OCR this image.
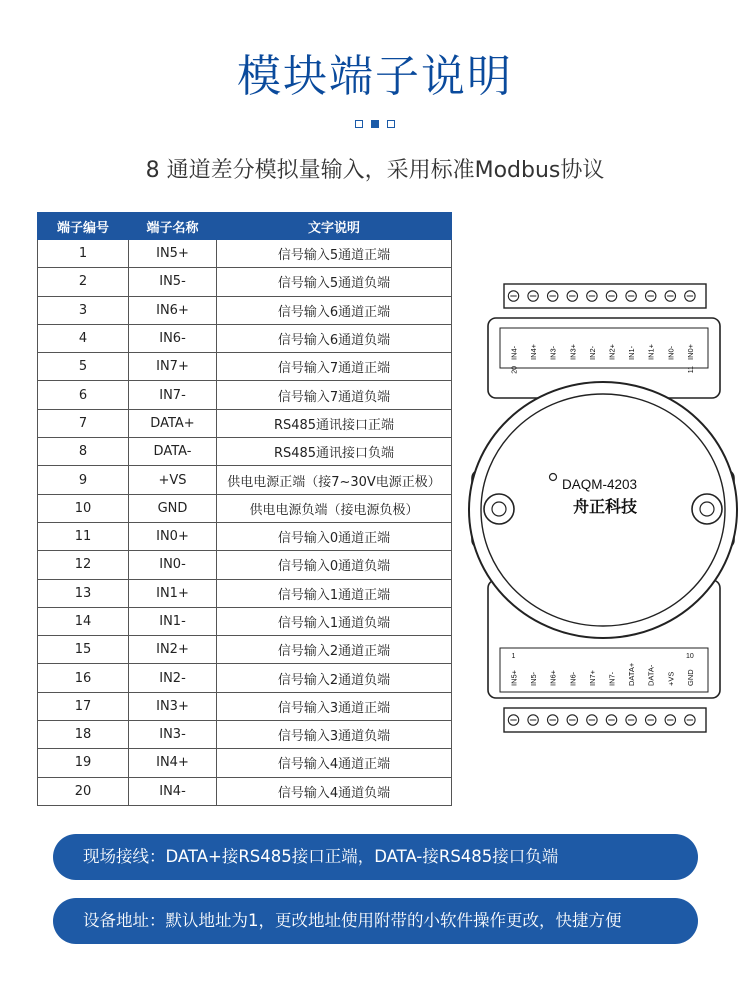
模块端子说明
8 通道差分模拟量输入，采用标准Modbus协议
端子编号	端子名称	文字说明
1	IN5+	信号输入5通道正端
2	IN5-	信号输入5通道负端
3	IN6+	信号输入6通道正端
4	IN6-	信号输入6通道负端
5	IN7+	信号输入7通道正端
6	IN7-	信号输入7通道负端
7	DATA+	RS485通讯接口正端
8	DATA-	RS485通讯接口负端
9	+VS	供电电源正端（接7~30V电源正极）
10	GND	供电电源负端（接电源负极）
11	IN0+	信号输入0通道正端
12	IN0-	信号输入0通道负端
13	IN1+	信号输入1通道正端
14	IN1-	信号输入1通道负端
15	IN2+	信号输入2通道正端
16	IN2-	信号输入2通道负端
17	IN3+	信号输入3通道正端
18	IN3-	信号输入3通道负端
19	IN4+	信号输入4通道正端
20	IN4-	信号输入4通道负端
IN4- IN4+ IN3- IN3+ IN2- IN2+ IN1- IN1+ IN0- IN0+
20	11
IN5+ IN5- IN6+ IN6- IN7+ IN7- DATA+ DATA- +VS GND
1	10
DAQM-4203
舟正科技
现场接线：DATA+接RS485接口正端，DATA-接RS485接口负端
设备地址：默认地址为1，更改地址使用附带的小软件操作更改，快捷方便
